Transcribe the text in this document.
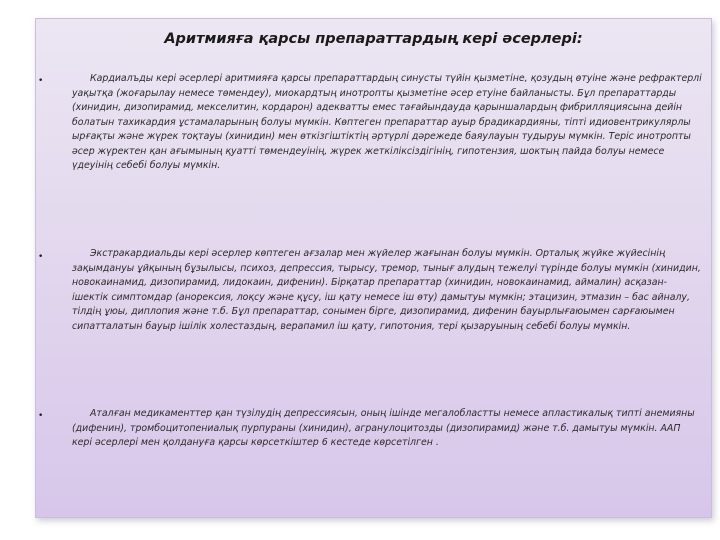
Аритмияға қарсы препараттардың кері әсерлері:
•	Кардиалъды кері әсерлері аритмияға қарсы препараттардың синусты түйін қызметіне, қозудың өтуіне және рефрактерлі уақытқа (жоғарылау немесе төмендеу), миокардтың инотропты қызметіне әсер етуіне байланысты. Бұл препараттарды (хинидин, дизопирамид, мекселитин, кордарон) адекватты емес тағайындауда қарыншалардың фибрилляциясына дейін болатын тахикардия ұстамаларының болуы мүмкін. Көптеген препараттар ауыр брадикардияны, тіпті идиовентрикулярлы ырғақты және жүрек тоқтауы (хинидин) мен өткізгіштіктің әртүрлі дәрежеде баяулауын тудыруы мүмкін. Теріс инотропты әсер жүректен қан ағымының қуатті төмендеуінің, жүрек жеткіліксіздігінің, гипотензия, шоктың пайда болуы немесе үдеуінің себебі болуы мүмкін.
•	Экстракардиальды кері әсерлер көптеген ағзалар мен жүйелер жағынан болуы мүмкін. Орталық жүйке жүйесінің зақымдануы ұйқының бұзылысы, психоз, депрессия, тырысу, тремор, тынығ алудың тежелуі түрінде болуы мүмкін (хинидин, новокаинамид, дизопирамид, лидокаин, дифенин). Бірқатар препараттар (хинидин, новокаинамид, аймалин) асқазан-ішектік симптомдар (анорексия, лоқсу және құсу, іш қату немесе іш өту) дамытуы мүмкін; этацизин, этмазин – бас айналу, тілдің ұюы, диплопия және т.б. Бұл препараттар, сонымен бірге, дизопирамид, дифенин бауырлығаюымен сарғаюымен сипатталатын бауыр ішілік холестаздың, верапамил іш қату, гипотония, тері қызаруының себебі болуы мүмкін.
•	Аталған медикаменттер қан түзілудің депрессиясын, оның ішінде мегалобластты немесе апластикалық типті анемияны (дифенин), тромбоцитопениалық пурпураны (хинидин), агранулоцитозды (дизопирамид) және т.б. дамытуы мүмкін. ААП кері әсерлері мен қолдануға қарсы көрсеткіштер 6 кестеде көрсетілген .
